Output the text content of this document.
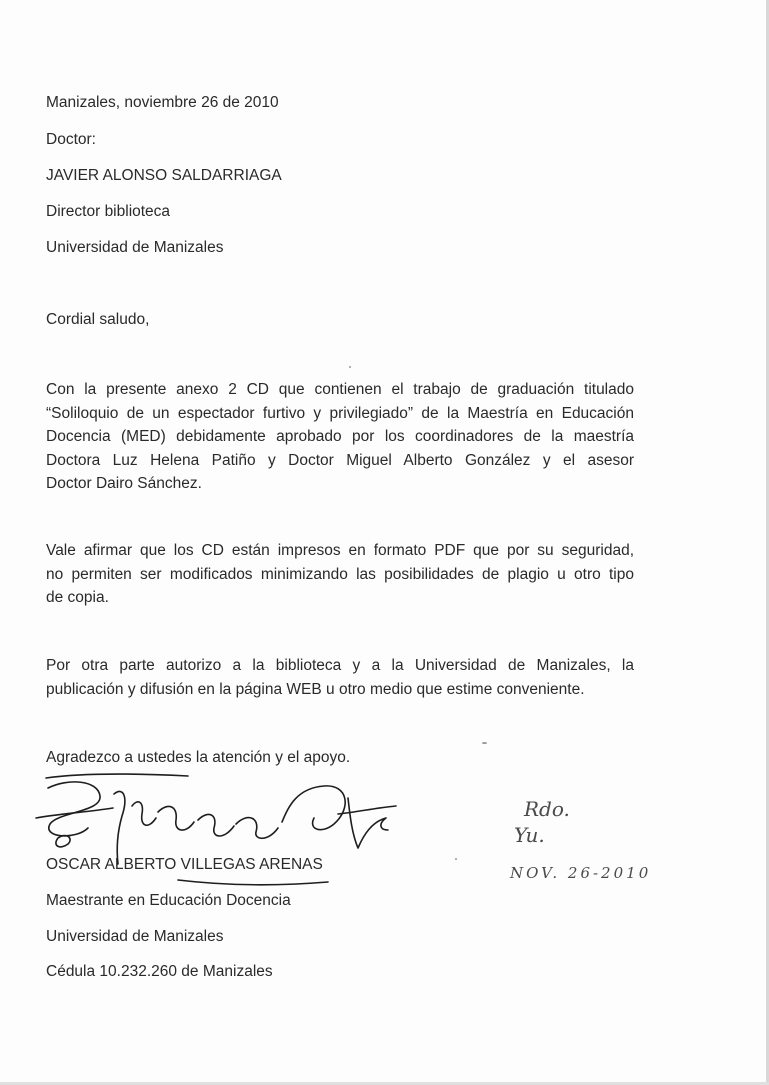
Manizales, noviembre 26 de 2010
Doctor:
JAVIER ALONSO SALDARRIAGA
Director biblioteca
Universidad de Manizales
Cordial saludo,
Con la presente anexo 2 CD que contienen el trabajo de graduación titulado
“Soliloquio de un espectador furtivo y privilegiado” de la Maestría en Educación
Docencia (MED) debidamente aprobado por los coordinadores de la maestría
Doctora Luz Helena Patiño y Doctor Miguel Alberto González y el asesor
Doctor Dairo Sánchez.
Vale afirmar que los CD están impresos en formato PDF que por su seguridad,
no permiten ser modificados minimizando las posibilidades de plagio u otro tipo
de copia.
Por otra parte autorizo a la biblioteca y a la Universidad de Manizales, la
publicación y difusión en la página WEB u otro medio que estime conveniente.
Agradezco a ustedes la atención y el apoyo.
OSCAR ALBERTO VILLEGAS ARENAS
Maestrante en Educación Docencia
Universidad de Manizales
Cédula 10.232.260 de Manizales
Rdo.
Yu.
NOV. 26-2010
